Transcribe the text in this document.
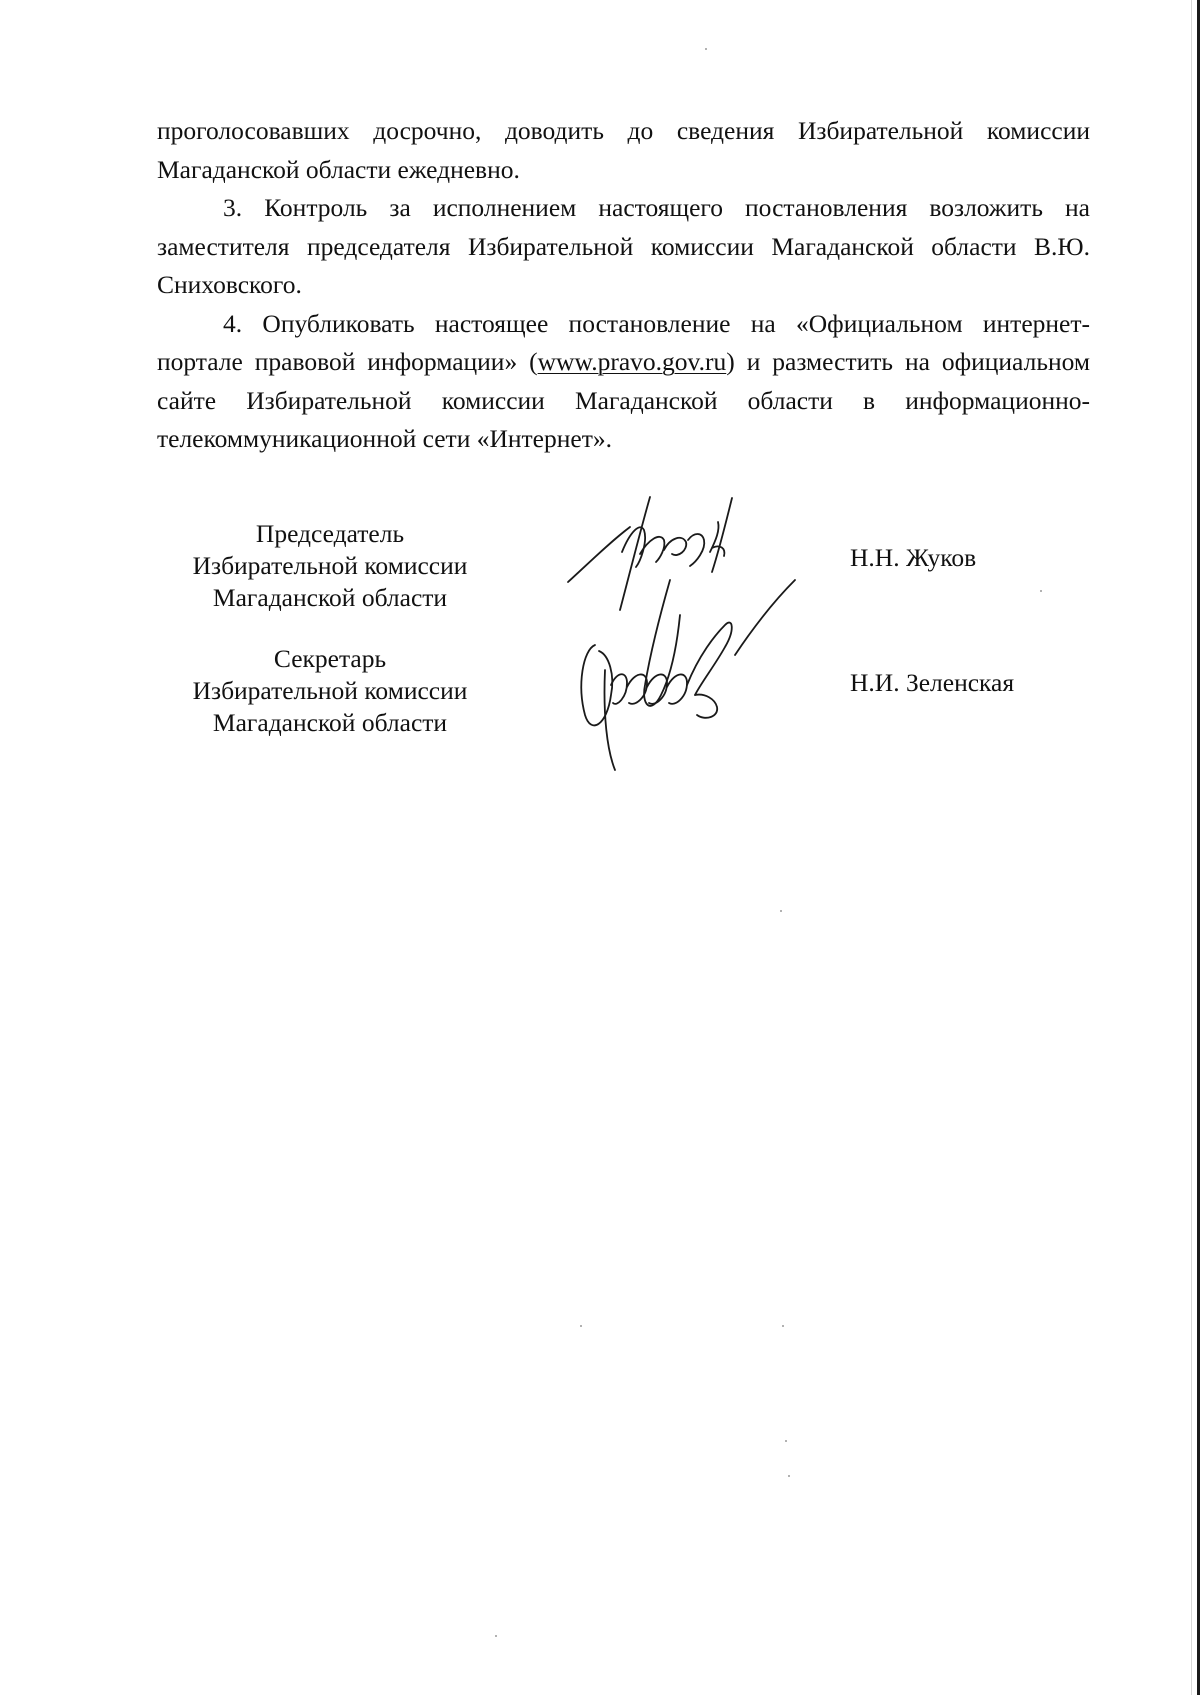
проголосовавших досрочно, доводить до сведения Избирательной комиссии Магаданской области ежедневно.

3. Контроль за исполнением настоящего постановления возложить на заместителя председателя Избирательной комиссии Магаданской области В.Ю. Сниховского.

4. Опубликовать настоящее постановление на «Официальном интернет-портале правовой информации» (www.pravo.gov.ru) и разместить на официальном сайте Избирательной комиссии Магаданской области в информационно-телекоммуникационной сети «Интернет».

Председатель
Избирательной комиссии
Магаданской области
Н.Н. Жуков
Секретарь
Избирательной комиссии
Магаданской области
Н.И. Зеленская
